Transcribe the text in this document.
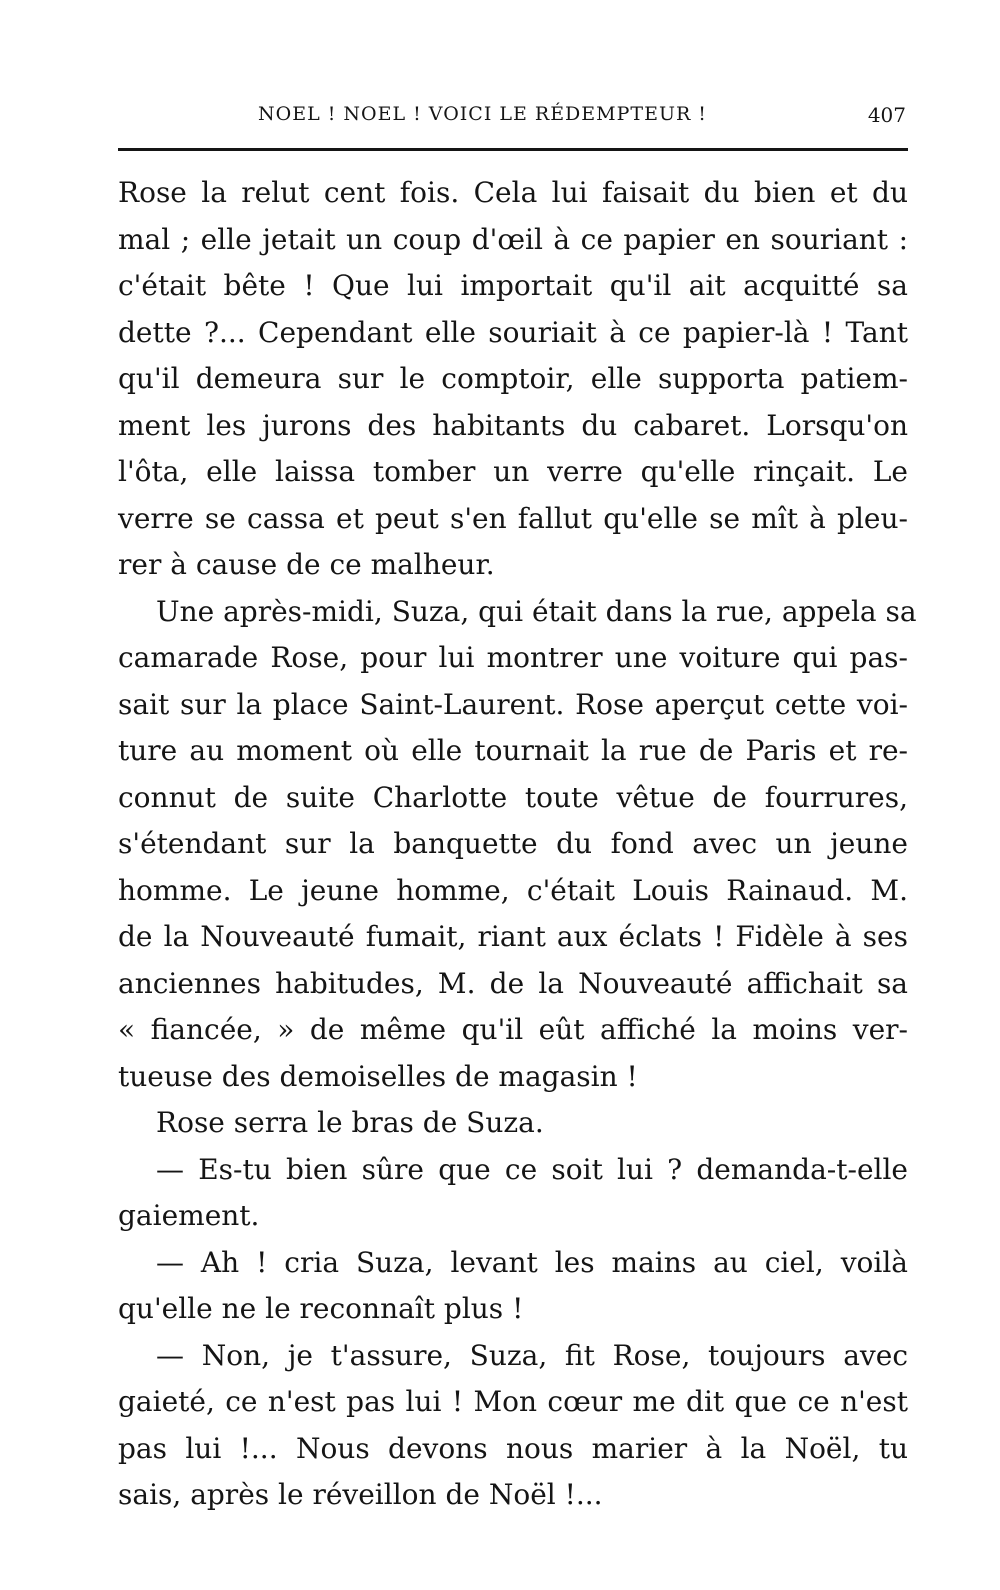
NOEL ! NOEL ! VOICI LE RÉDEMPTEUR !	407
Rose la relut cent fois. Cela lui faisait du bien et du
mal ; elle jetait un coup d'œil à ce papier en souriant :
c'était bête ! Que lui importait qu'il ait acquitté sa
dette ?... Cependant elle souriait à ce papier-là ! Tant
qu'il demeura sur le comptoir, elle supporta patiem-
ment les jurons des habitants du cabaret. Lorsqu'on
l'ôta, elle laissa tomber un verre qu'elle rinçait. Le
verre se cassa et peut s'en fallut qu'elle se mît à pleu-
rer à cause de ce malheur.
Une après-midi, Suza, qui était dans la rue, appela sa
camarade Rose, pour lui montrer une voiture qui pas-
sait sur la place Saint-Laurent. Rose aperçut cette voi-
ture au moment où elle tournait la rue de Paris et re-
connut de suite Charlotte toute vêtue de fourrures,
s'étendant sur la banquette du fond avec un jeune
homme. Le jeune homme, c'était Louis Rainaud. M.
de la Nouveauté fumait, riant aux éclats ! Fidèle à ses
anciennes habitudes, M. de la Nouveauté affichait sa
« fiancée, » de même qu'il eût affiché la moins ver-
tueuse des demoiselles de magasin !
Rose serra le bras de Suza.
— Es-tu bien sûre que ce soit lui ? demanda-t-elle
gaiement.
— Ah ! cria Suza, levant les mains au ciel, voilà
qu'elle ne le reconnaît plus !
— Non, je t'assure, Suza, fit Rose, toujours avec
gaieté, ce n'est pas lui ! Mon cœur me dit que ce n'est
pas lui !... Nous devons nous marier à la Noël, tu
sais, après le réveillon de Noël !...
